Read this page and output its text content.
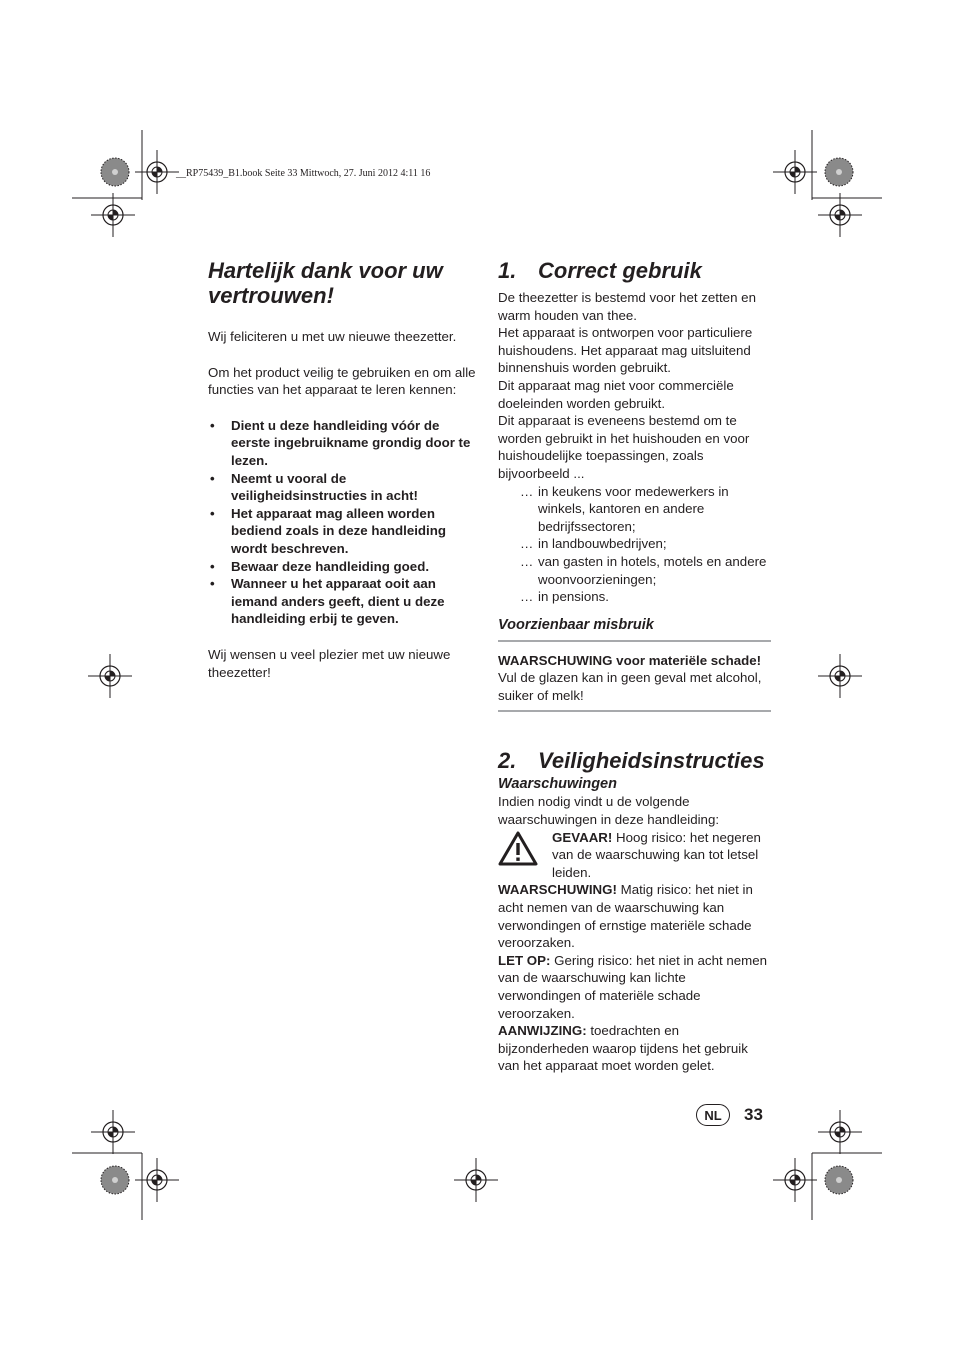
__RP75439_B1.book Seite 33 Mittwoch, 27. Juni 2012 4:11 16
Hartelijk dank voor uw vertrouwen!

Wij feliciteren u met uw nieuwe theezetter.

Om het product veilig te gebruiken en om alle functies van het apparaat te leren kennen:

• Dient u deze handleiding vóór de eerste ingebruikname grondig door te lezen.
• Neemt u vooral de veiligheidsinstructies in acht!
• Het apparaat mag alleen worden bediend zoals in deze handleiding wordt beschreven.
• Bewaar deze handleiding goed.
• Wanneer u het apparaat ooit aan iemand anders geeft, dient u deze handleiding erbij te geven.

Wij wensen u veel plezier met uw nieuwe theezetter!

1. Correct gebruik

De theezetter is bestemd voor het zetten en warm houden van thee.

Het apparaat is ontworpen voor particuliere huishoudens. Het apparaat mag uitsluitend binnenshuis worden gebruikt.

Dit apparaat mag niet voor commerciële doeleinden worden gebruikt.

Dit apparaat is eveneens bestemd om te worden gebruikt in het huishouden en voor huishoudelijke toepassingen, zoals bijvoorbeeld ...

… in keukens voor medewerkers in winkels, kantoren en andere bedrijfssectoren;
… in landbouwbedrijven;
… van gasten in hotels, motels en andere woonvoorzieningen;
… in pensions.
Voorzienbaar misbruik

WAARSCHUWING voor materiële schade!

Vul de glazen kan in geen geval met alcohol, suiker of melk!

2. Veiligheidsinstructies
Waarschuwingen

Indien nodig vindt u de volgende waarschuwingen in deze handleiding:

GEVAAR! Hoog risico: het negeren van de waarschuwing kan tot letsel leiden.

WAARSCHUWING! Matig risico: het niet in acht nemen van de waarschuwing kan verwondingen of ernstige materiële schade veroorzaken.

LET OP: Gering risico: het niet in acht nemen van de waarschuwing kan lichte verwondingen of materiële schade veroorzaken.

AANWIJZING: toedrachten en bijzonderheden waarop tijdens het gebruik van het apparaat moet worden gelet.

NL	33
